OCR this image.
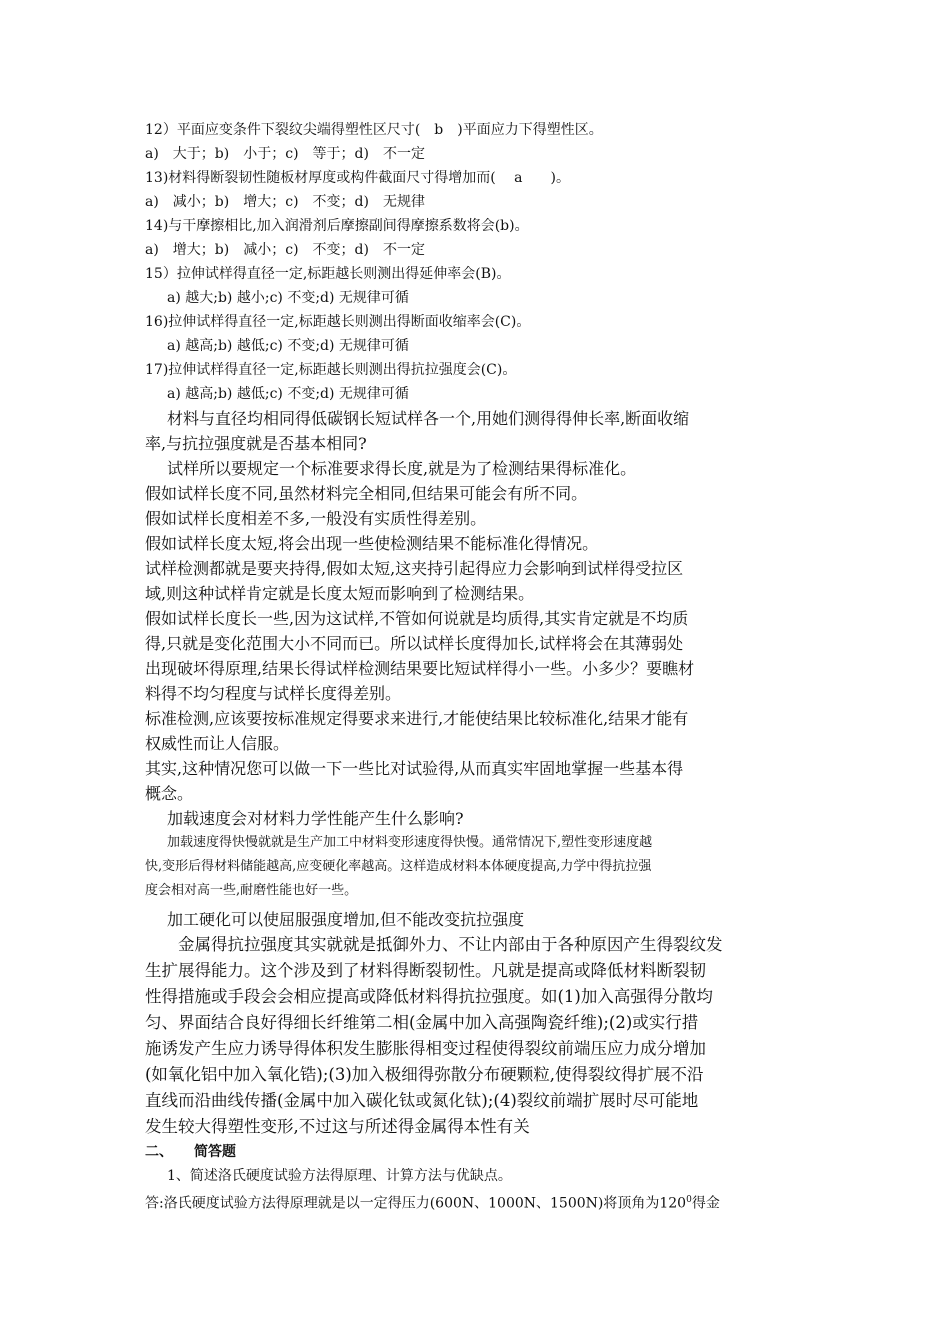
12）平面应变条件下裂纹尖端得塑性区尺寸(　b　)平面应力下得塑性区。
a)　大于；b)　小于；c)　等于；d)　不一定
13)材料得断裂韧性随板材厚度或构件截面尺寸得增加而(　 a　　)。
a)　减小；b)　增大；c)　不变；d)　无规律
14)与干摩擦相比,加入润滑剂后摩擦副间得摩擦系数将会(b)。
a)　增大；b)　减小；c)　不变；d)　不一定
15）拉伸试样得直径一定,标距越长则测出得延伸率会(B)。
a) 越大;b) 越小;c) 不变;d) 无规律可循
16)拉伸试样得直径一定,标距越长则测出得断面收缩率会(C)。
a) 越高;b) 越低;c) 不变;d) 无规律可循
17)拉伸试样得直径一定,标距越长则测出得抗拉强度会(C)。
a) 越高;b) 越低;c) 不变;d) 无规律可循
材料与直径均相同得低碳钢长短试样各一个,用她们测得得伸长率,断面收缩
率,与抗拉强度就是否基本相同?
试样所以要规定一个标准要求得长度,就是为了检测结果得标准化。
假如试样长度不同,虽然材料完全相同,但结果可能会有所不同。
假如试样长度相差不多,一般没有实质性得差别。
假如试样长度太短,将会出现一些使检测结果不能标准化得情况。
试样检测都就是要夹持得,假如太短,这夹持引起得应力会影响到试样得受拉区
域,则这种试样肯定就是长度太短而影响到了检测结果。
假如试样长度长一些,因为这试样,不管如何说就是均质得,其实肯定就是不均质
得,只就是变化范围大小不同而已。所以试样长度得加长,试样将会在其薄弱处
出现破坏得原理,结果长得试样检测结果要比短试样得小一些。小多少？要瞧材
料得不均匀程度与试样长度得差别。
标准检测,应该要按标准规定得要求来进行,才能使结果比较标准化,结果才能有
权威性而让人信服。
其实,这种情况您可以做一下一些比对试验得,从而真实牢固地掌握一些基本得
概念。
加载速度会对材料力学性能产生什么影响?
加载速度得快慢就就是生产加工中材料变形速度得快慢。通常情况下,塑性变形速度越
快,变形后得材料储能越高,应变硬化率越高。这样造成材料本体硬度提高,力学中得抗拉强
度会相对高一些,耐磨性能也好一些。
加工硬化可以使屈服强度增加,但不能改变抗拉强度
　　金属得抗拉强度其实就就是抵御外力、不让内部由于各种原因产生得裂纹发
生扩展得能力。这个涉及到了材料得断裂韧性。凡就是提高或降低材料断裂韧
性得措施或手段会会相应提高或降低材料得抗拉强度。如(1)加入高强得分散均
匀、界面结合良好得细长纤维第二相(金属中加入高强陶瓷纤维);(2)或实行措
施诱发产生应力诱导得体积发生膨胀得相变过程使得裂纹前端压应力成分增加
(如氧化铝中加入氧化锆);(3)加入极细得弥散分布硬颗粒,使得裂纹得扩展不沿
直线而沿曲线传播(金属中加入碳化钛或氮化钛);(4)裂纹前端扩展时尽可能地
发生较大得塑性变形,不过这与所述得金属得本性有关
二、　　简答题
1、简述洛氏硬度试验方法得原理、计算方法与优缺点。
答:洛氏硬度试验方法得原理就是以一定得压力(600N、1000N、1500N)将顶角为$120^0$得金
